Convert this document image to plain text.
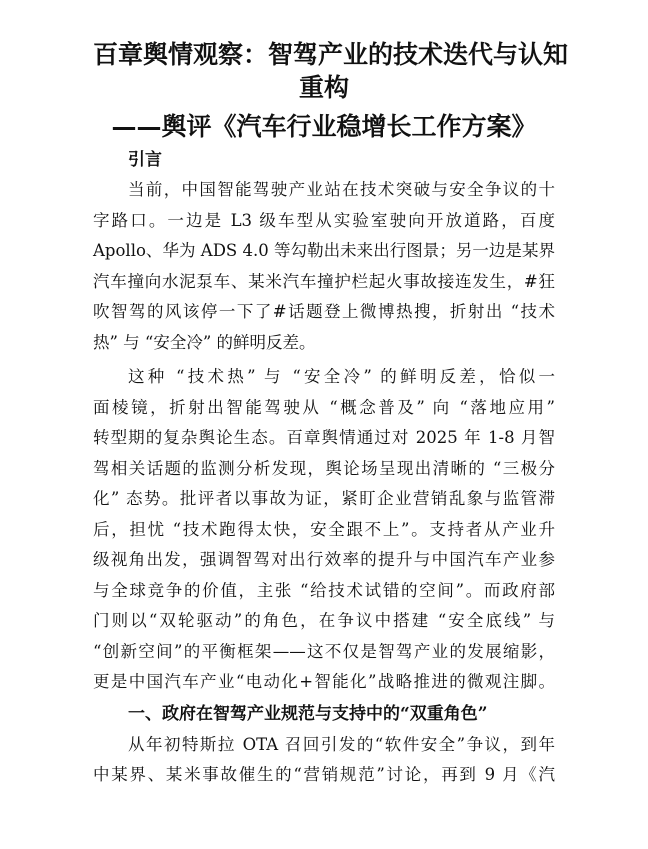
百章舆情观察：智驾产业的技术迭代与认知
重构
——舆评《汽车行业稳增长工作方案》
引言
当前，中国智能驾驶产业站在技术突破与安全争议的十
字路口。一边是 L3 级车型从实验室驶向开放道路，百度
Apollo、华为 ADS 4.0 等勾勒出未来出行图景；另一边是某界
汽车撞向水泥泵车、某米汽车撞护栏起火事故接连发生，#狂
吹智驾的风该停一下了#话题登上微博热搜，折射出 “技术
热” 与 “安全冷” 的鲜明反差。
这种 “技术热” 与 “安全冷” 的鲜明反差，恰似一
面棱镜，折射出智能驾驶从 “概念普及” 向 “落地应用”
转型期的复杂舆论生态。百章舆情通过对 2025 年 1-8 月智
驾相关话题的监测分析发现，舆论场呈现出清晰的 “三极分
化” 态势。批评者以事故为证，紧盯企业营销乱象与监管滞
后，担忧 “技术跑得太快，安全跟不上”。支持者从产业升
级视角出发，强调智驾对出行效率的提升与中国汽车产业参
与全球竞争的价值，主张 “给技术试错的空间”。而政府部
门则以“双轮驱动”的角色，在争议中搭建 “安全底线” 与
“创新空间”的平衡框架——这不仅是智驾产业的发展缩影，
更是中国汽车产业“电动化+智能化”战略推进的微观注脚。
一、政府在智驾产业规范与支持中的“双重角色”
从年初特斯拉 OTA 召回引发的“软件安全”争议，到年
中某界、某米事故催生的“营销规范”讨论，再到 9 月《汽
